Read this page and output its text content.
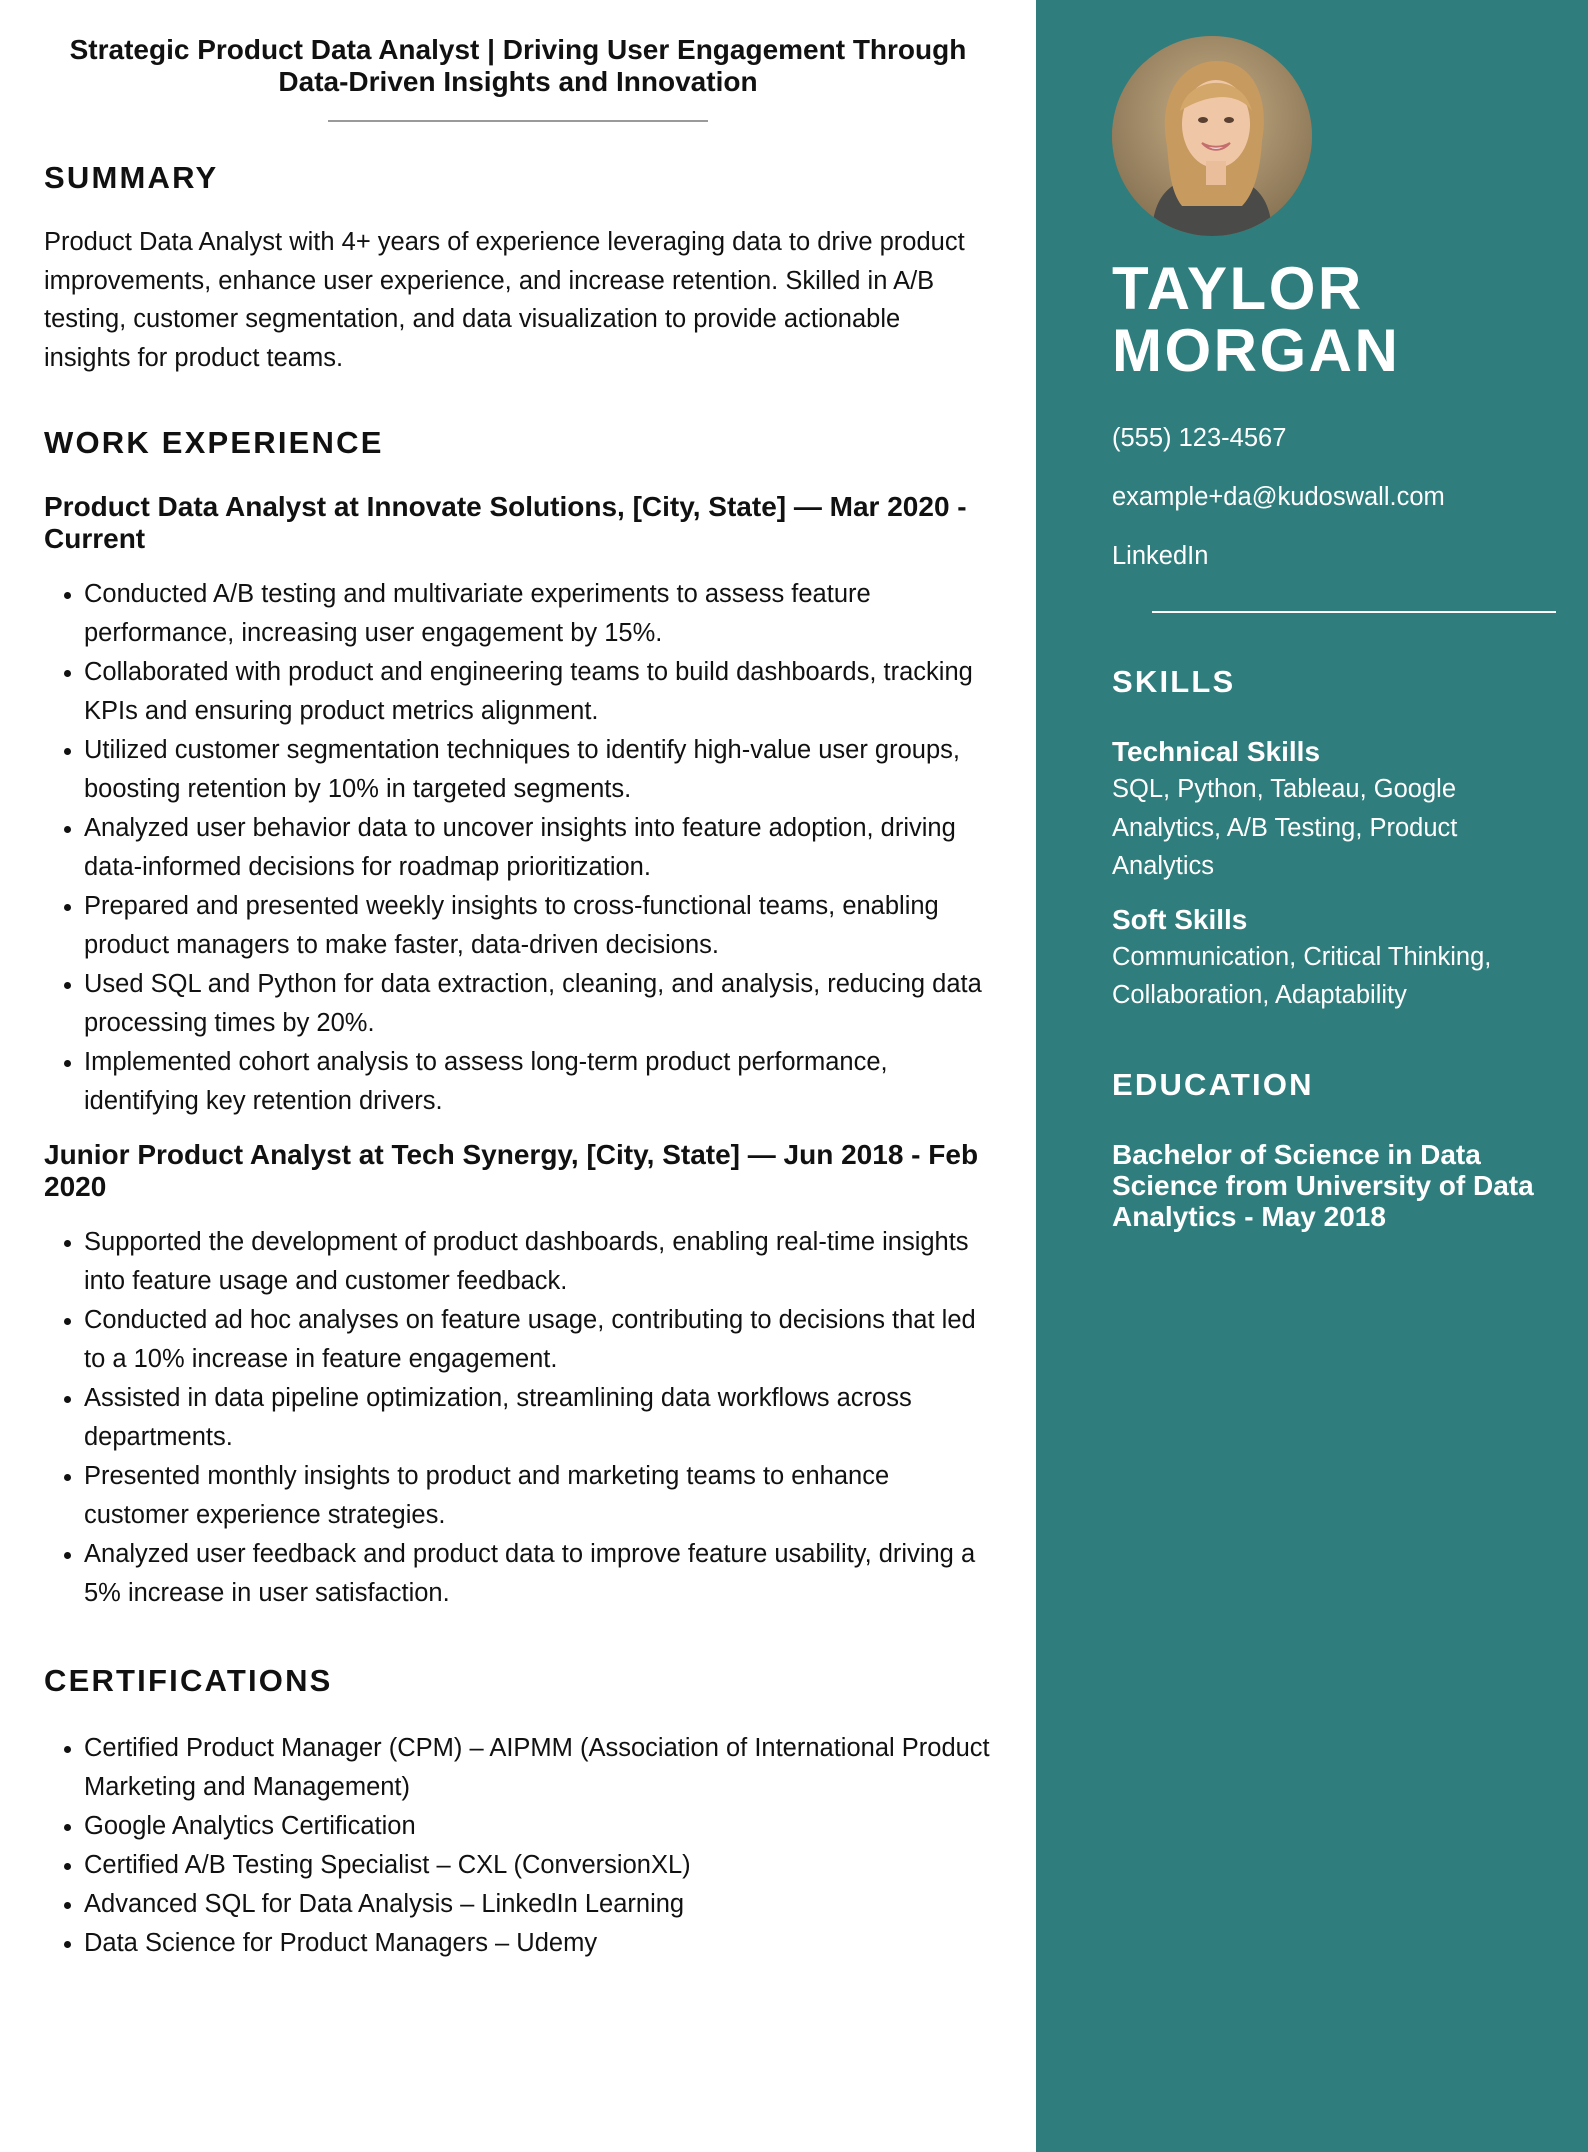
Strategic Product Data Analyst | Driving User Engagement Through Data-Driven Insights and Innovation
SUMMARY

Product Data Analyst with 4+ years of experience leveraging data to drive product improvements, enhance user experience, and increase retention. Skilled in A/B testing, customer segmentation, and data visualization to provide actionable insights for product teams.

WORK EXPERIENCE
Product Data Analyst at Innovate Solutions, [City, State] — Mar 2020 - Current
• Conducted A/B testing and multivariate experiments to assess feature performance, increasing user engagement by 15%.
• Collaborated with product and engineering teams to build dashboards, tracking KPIs and ensuring product metrics alignment.
• Utilized customer segmentation techniques to identify high-value user groups, boosting retention by 10% in targeted segments.
• Analyzed user behavior data to uncover insights into feature adoption, driving data-informed decisions for roadmap prioritization.
• Prepared and presented weekly insights to cross-functional teams, enabling product managers to make faster, data-driven decisions.
• Used SQL and Python for data extraction, cleaning, and analysis, reducing data processing times by 20%.
• Implemented cohort analysis to assess long-term product performance, identifying key retention drivers.
Junior Product Analyst at Tech Synergy, [City, State] — Jun 2018 - Feb 2020
• Supported the development of product dashboards, enabling real-time insights into feature usage and customer feedback.
• Conducted ad hoc analyses on feature usage, contributing to decisions that led to a 10% increase in feature engagement.
• Assisted in data pipeline optimization, streamlining data workflows across departments.
• Presented monthly insights to product and marketing teams to enhance customer experience strategies.
• Analyzed user feedback and product data to improve feature usability, driving a 5% increase in user satisfaction.
CERTIFICATIONS
• Certified Product Manager (CPM) – AIPMM (Association of International Product Marketing and Management)
• Google Analytics Certification
• Certified A/B Testing Specialist – CXL (ConversionXL)
• Advanced SQL for Data Analysis – LinkedIn Learning
• Data Science for Product Managers – Udemy
TAYLOR
MORGAN
(555) 123-4567
example+da@kudoswall.com
LinkedIn
SKILLS
Technical Skills
SQL, Python, Tableau, Google Analytics, A/B Testing, Product Analytics
Soft Skills
Communication, Critical Thinking, Collaboration, Adaptability
EDUCATION
Bachelor of Science in Data Science from University of Data Analytics - May 2018
